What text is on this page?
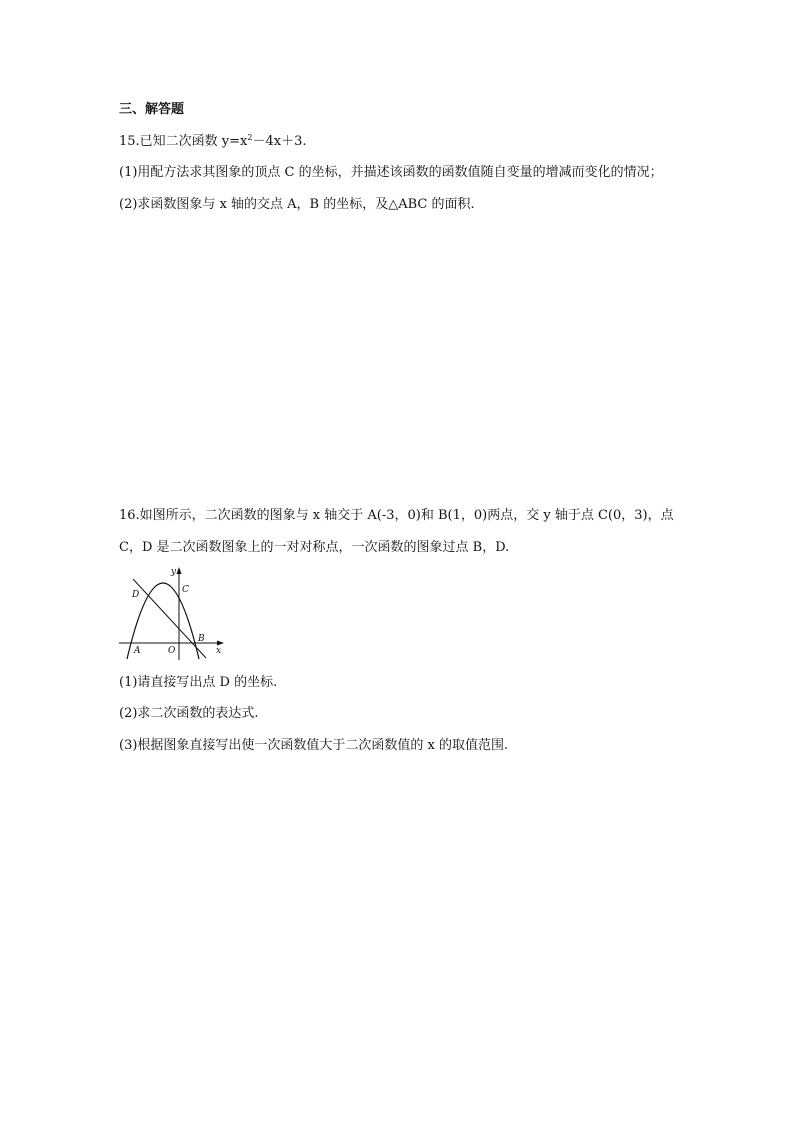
三、解答题
15.已知二次函数 $y=x^2-4x+3$.
(1)用配方法求其图象的顶点 C 的坐标，并描述该函数的函数值随自变量的增减而变化的情况；
(2)求函数图象与 x 轴的交点 A，B 的坐标，及△ABC 的面积.
16.如图所示，二次函数的图象与 x 轴交于 A(-3，0)和 B(1，0)两点，交 y 轴于点 C(0，3)，点
C，D 是二次函数图象上的一对对称点，一次函数的图象过点 B，D.
y
C
D
B
A	O	x
(1)请直接写出点 D 的坐标.
(2)求二次函数的表达式.
(3)根据图象直接写出使一次函数值大于二次函数值的 x 的取值范围.
